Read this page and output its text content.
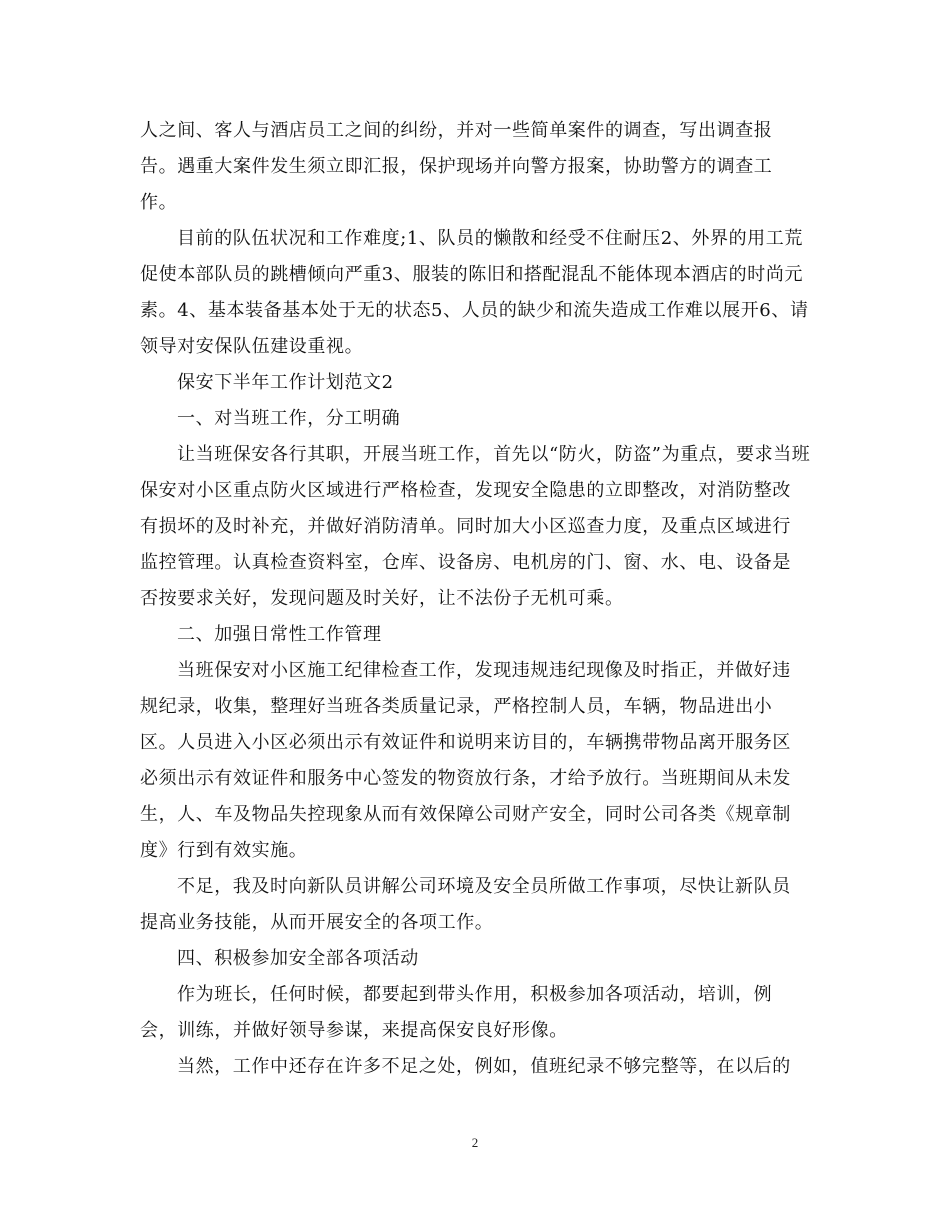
人之间、客人与酒店员工之间的纠纷，并对一些简单案件的调查，写出调查报
告。遇重大案件发生须立即汇报，保护现场并向警方报案，协助警方的调查工
作。
目前的队伍状况和工作难度;1、队员的懒散和经受不住耐压2、外界的用工荒
促使本部队员的跳槽倾向严重3、服装的陈旧和搭配混乱不能体现本酒店的时尚元
素。4、基本装备基本处于无的状态5、人员的缺少和流失造成工作难以展开6、请
领导对安保队伍建设重视。
保安下半年工作计划范文2
一、对当班工作，分工明确
让当班保安各行其职，开展当班工作，首先以“防火，防盗”为重点，要求当班
保安对小区重点防火区域进行严格检查，发现安全隐患的立即整改，对消防整改
有损坏的及时补充，并做好消防清单。同时加大小区巡查力度，及重点区域进行
监控管理。认真检查资料室，仓库、设备房、电机房的门、窗、水、电、设备是
否按要求关好，发现问题及时关好，让不法份子无机可乘。
二、加强日常性工作管理
当班保安对小区施工纪律检查工作，发现违规违纪现像及时指正，并做好违
规纪录，收集，整理好当班各类质量记录，严格控制人员，车辆，物品进出小
区。人员进入小区必须出示有效证件和说明来访目的，车辆携带物品离开服务区
必须出示有效证件和服务中心签发的物资放行条，才给予放行。当班期间从未发
生，人、车及物品失控现象从而有效保障公司财产安全，同时公司各类《规章制
度》行到有效实施。
不足，我及时向新队员讲解公司环境及安全员所做工作事项，尽快让新队员
提高业务技能，从而开展安全的各项工作。
四、积极参加安全部各项活动
作为班长，任何时候，都要起到带头作用，积极参加各项活动，培训，例
会，训练，并做好领导参谋，来提高保安良好形像。
当然，工作中还存在许多不足之处，例如，值班纪录不够完整等，在以后的
2
